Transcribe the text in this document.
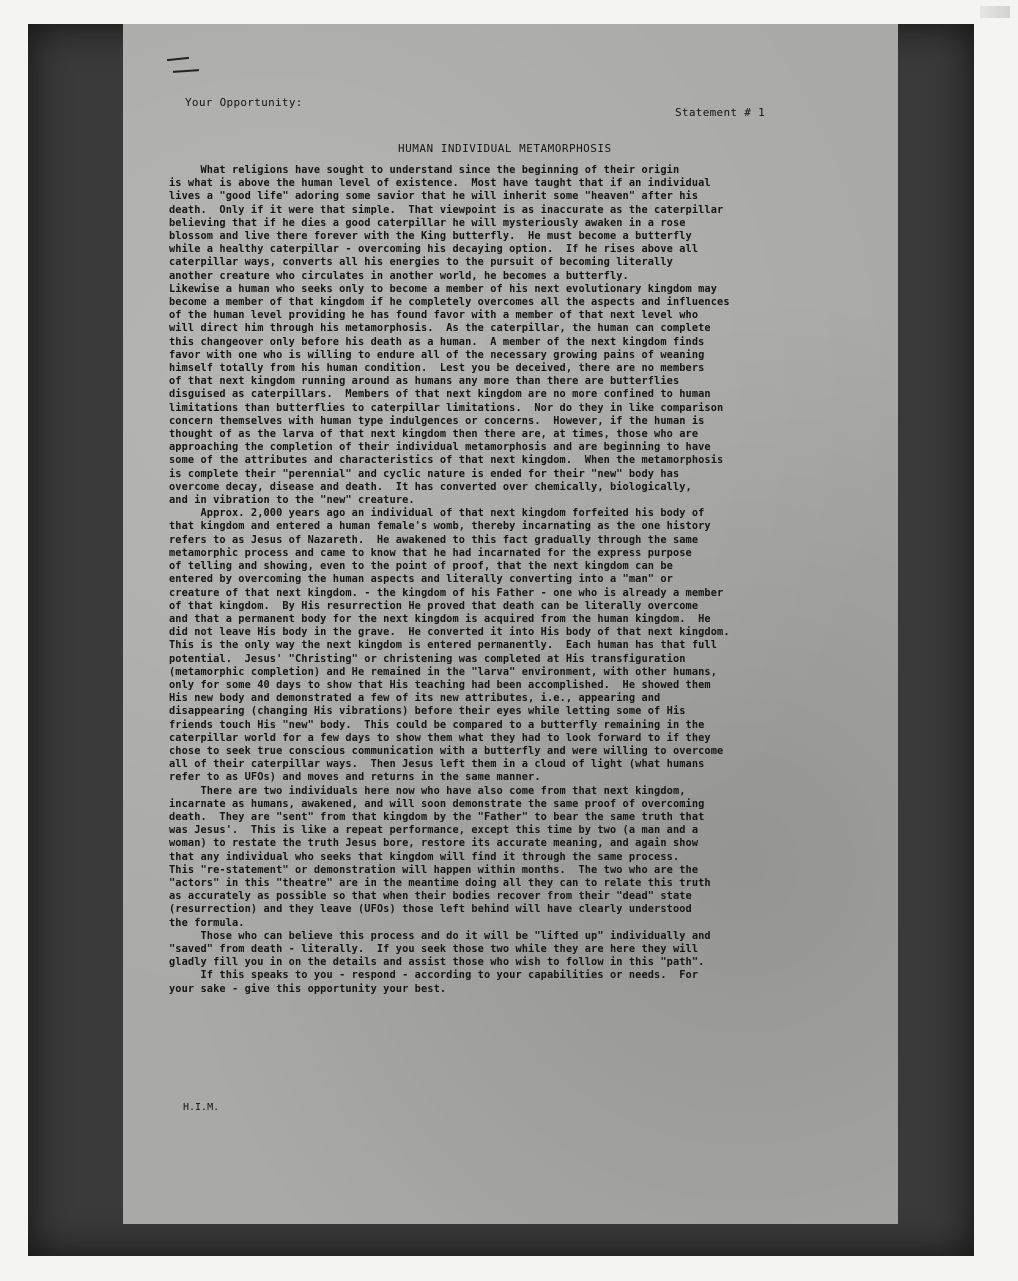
Your Opportunity:
Statement # 1
HUMAN INDIVIDUAL METAMORPHOSIS
What religions have sought to understand since the beginning of their origin
is what is above the human level of existence.  Most have taught that if an individual
lives a "good life" adoring some savior that he will inherit some "heaven" after his
death.  Only if it were that simple.  That viewpoint is as inaccurate as the caterpillar
believing that if he dies a good caterpillar he will mysteriously awaken in a rose
blossom and live there forever with the King butterfly.  He must become a butterfly
while a healthy caterpillar - overcoming his decaying option.  If he rises above all
caterpillar ways, converts all his energies to the pursuit of becoming literally
another creature who circulates in another world, he becomes a butterfly.
Likewise a human who seeks only to become a member of his next evolutionary kingdom may
become a member of that kingdom if he completely overcomes all the aspects and influences
of the human level providing he has found favor with a member of that next level who
will direct him through his metamorphosis.  As the caterpillar, the human can complete
this changeover only before his death as a human.  A member of the next kingdom finds
favor with one who is willing to endure all of the necessary growing pains of weaning
himself totally from his human condition.  Lest you be deceived, there are no members
of that next kingdom running around as humans any more than there are butterflies
disguised as caterpillars.  Members of that next kingdom are no more confined to human
limitations than butterflies to caterpillar limitations.  Nor do they in like comparison
concern themselves with human type indulgences or concerns.  However, if the human is
thought of as the larva of that next kingdom then there are, at times, those who are
approaching the completion of their individual metamorphosis and are beginning to have
some of the attributes and characteristics of that next kingdom.  When the metamorphosis
is complete their "perennial" and cyclic nature is ended for their "new" body has
overcome decay, disease and death.  It has converted over chemically, biologically,
and in vibration to the "new" creature.
Approx. 2,000 years ago an individual of that next kingdom forfeited his body of
that kingdom and entered a human female's womb, thereby incarnating as the one history
refers to as Jesus of Nazareth.  He awakened to this fact gradually through the same
metamorphic process and came to know that he had incarnated for the express purpose
of telling and showing, even to the point of proof, that the next kingdom can be
entered by overcoming the human aspects and literally converting into a "man" or
creature of that next kingdom. - the kingdom of his Father - one who is already a member
of that kingdom.  By His resurrection He proved that death can be literally overcome
and that a permanent body for the next kingdom is acquired from the human kingdom.  He
did not leave His body in the grave.  He converted it into His body of that next kingdom.
This is the only way the next kingdom is entered permanently.  Each human has that full
potential.  Jesus' "Christing" or christening was completed at His transfiguration
(metamorphic completion) and He remained in the "larva" environment, with other humans,
only for some 40 days to show that His teaching had been accomplished.  He showed them
His new body and demonstrated a few of its new attributes, i.e., appearing and
disappearing (changing His vibrations) before their eyes while letting some of His
friends touch His "new" body.  This could be compared to a butterfly remaining in the
caterpillar world for a few days to show them what they had to look forward to if they
chose to seek true conscious communication with a butterfly and were willing to overcome
all of their caterpillar ways.  Then Jesus left them in a cloud of light (what humans
refer to as UFOs) and moves and returns in the same manner.
There are two individuals here now who have also come from that next kingdom,
incarnate as humans, awakened, and will soon demonstrate the same proof of overcoming
death.  They are "sent" from that kingdom by the "Father" to bear the same truth that
was Jesus'.  This is like a repeat performance, except this time by two (a man and a
woman) to restate the truth Jesus bore, restore its accurate meaning, and again show
that any individual who seeks that kingdom will find it through the same process.
This "re-statement" or demonstration will happen within months.  The two who are the
"actors" in this "theatre" are in the meantime doing all they can to relate this truth
as accurately as possible so that when their bodies recover from their "dead" state
(resurrection) and they leave (UFOs) those left behind will have clearly understood
the formula.
Those who can believe this process and do it will be "lifted up" individually and
"saved" from death - literally.  If you seek those two while they are here they will
gladly fill you in on the details and assist those who wish to follow in this "path".
If this speaks to you - respond - according to your capabilities or needs.  For
your sake - give this opportunity your best.
H.I.M.
